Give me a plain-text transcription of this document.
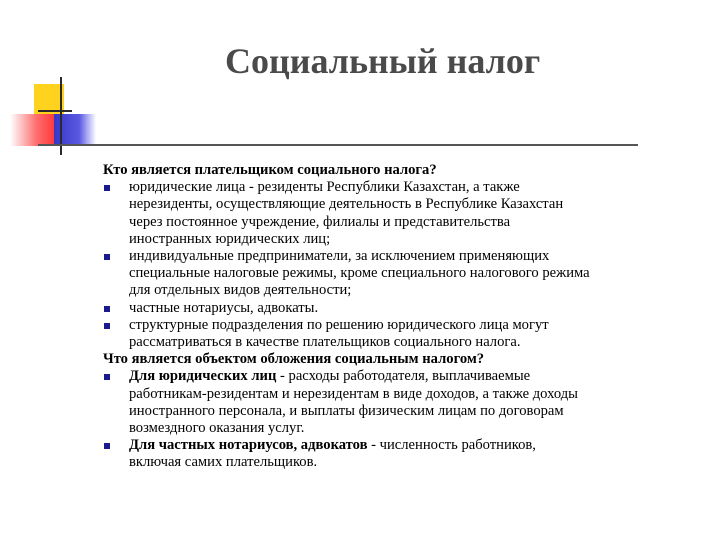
Социальный налог
Кто является плательщиком социального налога?
юридические лица - резиденты Республики Казахстан, а также
нерезиденты, осуществляющие деятельность в Республике Казахстан
через постоянное учреждение, филиалы и представительства
иностранных юридических лиц;
индивидуальные предприниматели, за исключением применяющих
специальные налоговые режимы, кроме специального налогового режима
для отдельных видов деятельности;
частные нотариусы, адвокаты.
структурные подразделения по решению юридического лица могут
рассматриваться в качестве плательщиков социального налога.
Что является объектом обложения социальным налогом?
Для юридических лиц - расходы работодателя, выплачиваемые
работникам-резидентам и нерезидентам в виде доходов, а также доходы
иностранного персонала, и выплаты физическим лицам по договорам
возмездного оказания услуг.
Для частных нотариусов, адвокатов - численность работников,
включая самих плательщиков.
